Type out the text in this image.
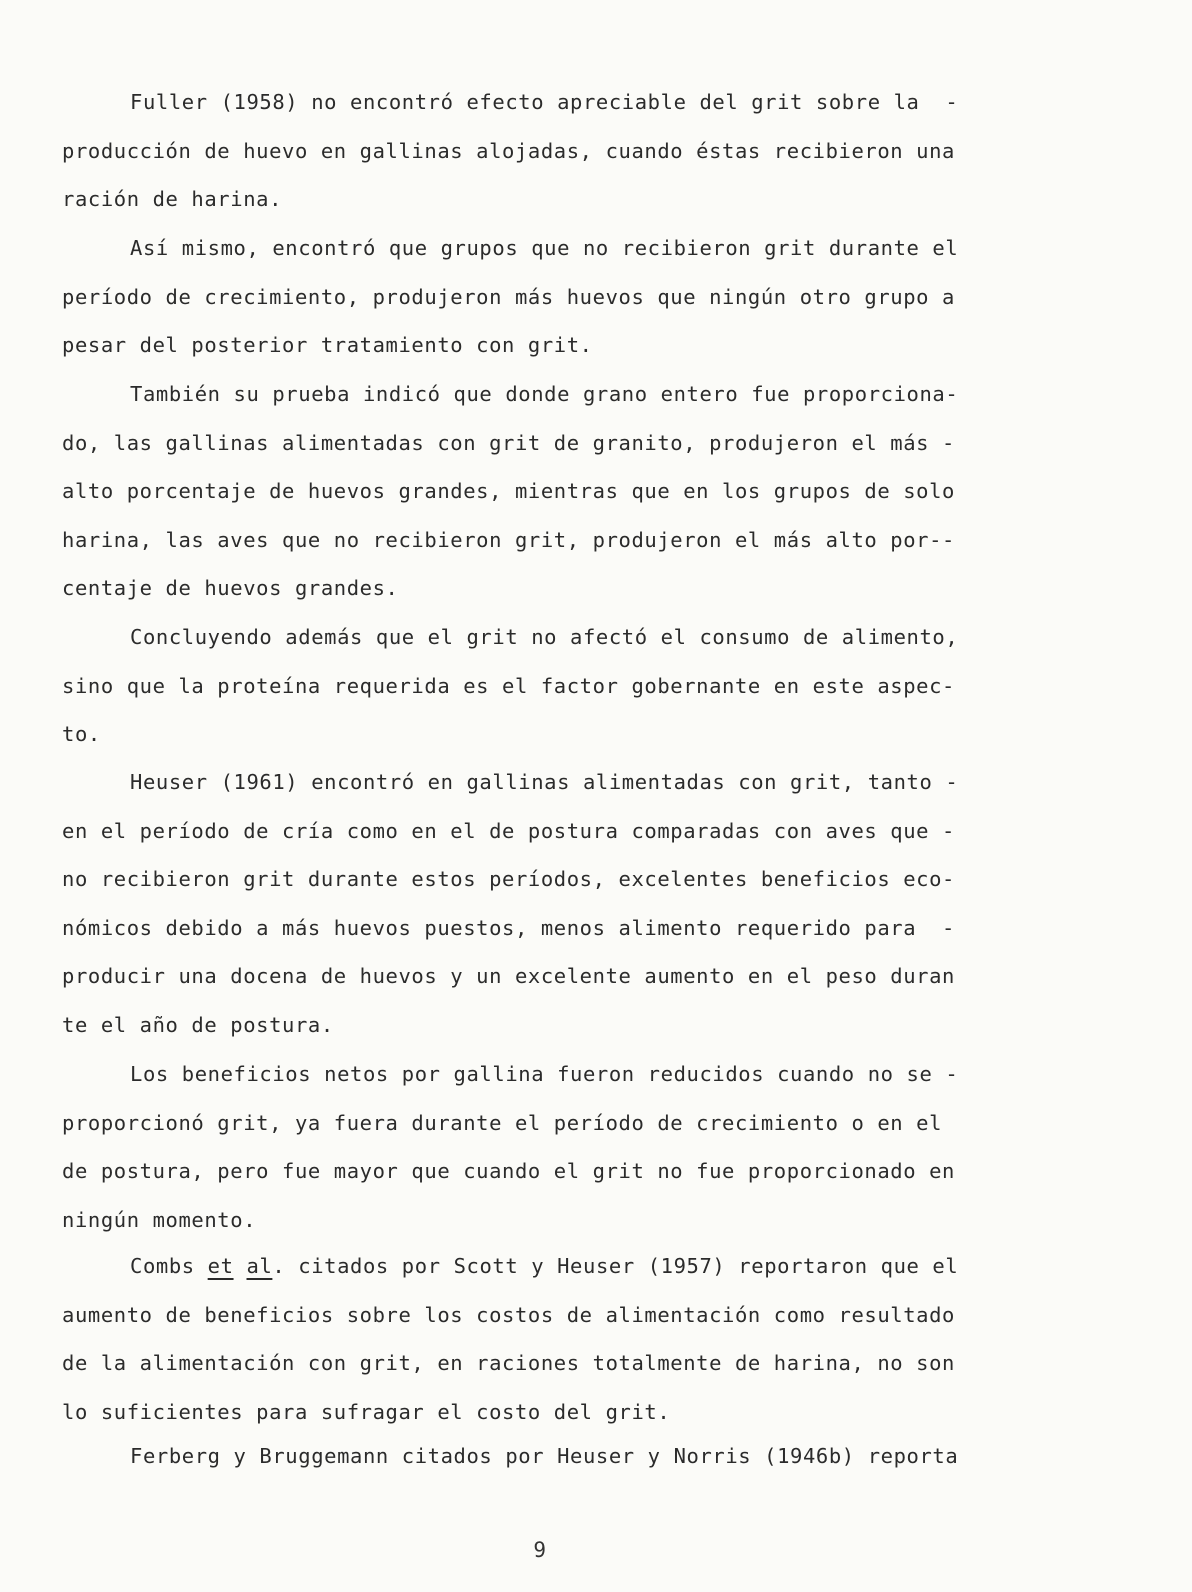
Fuller (1958) no encontró efecto apreciable del grit sobre la  -
producción de huevo en gallinas alojadas, cuando éstas recibieron una
ración de harina.
Así mismo, encontró que grupos que no recibieron grit durante el
período de crecimiento, produjeron más huevos que ningún otro grupo a
pesar del posterior tratamiento con grit.
También su prueba indicó que donde grano entero fue proporciona-
do, las gallinas alimentadas con grit de granito, produjeron el más -
alto porcentaje de huevos grandes, mientras que en los grupos de solo
harina, las aves que no recibieron grit, produjeron el más alto por--
centaje de huevos grandes.
Concluyendo además que el grit no afectó el consumo de alimento,
sino que la proteína requerida es el factor gobernante en este aspec-
to.
Heuser (1961) encontró en gallinas alimentadas con grit, tanto -
en el período de cría como en el de postura comparadas con aves que -
no recibieron grit durante estos períodos, excelentes beneficios eco-
nómicos debido a más huevos puestos, menos alimento requerido para  -
producir una docena de huevos y un excelente aumento en el peso duran
te el año de postura.
Los beneficios netos por gallina fueron reducidos cuando no se -
proporcionó grit, ya fuera durante el período de crecimiento o en el
de postura, pero fue mayor que cuando el grit no fue proporcionado en
ningún momento.
Combs et al. citados por Scott y Heuser (1957) reportaron que el
aumento de beneficios sobre los costos de alimentación como resultado
de la alimentación con grit, en raciones totalmente de harina, no son
lo suficientes para sufragar el costo del grit.
Ferberg y Bruggemann citados por Heuser y Norris (1946b) reporta
9
